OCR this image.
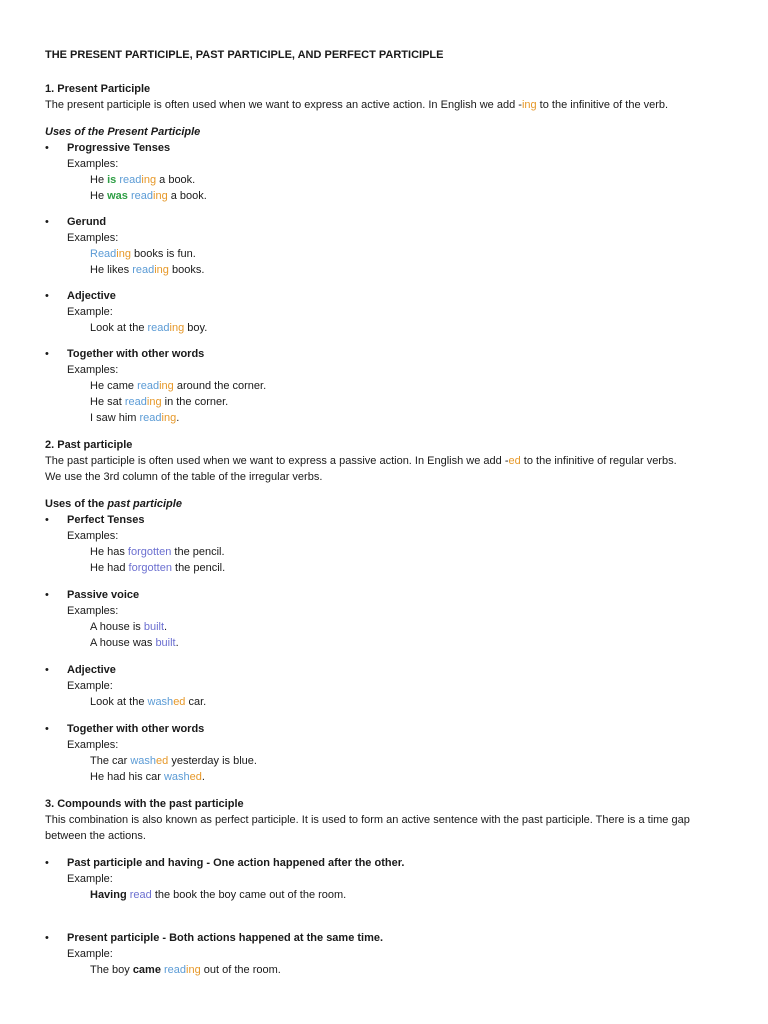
THE PRESENT PARTICIPLE, PAST PARTICIPLE, AND PERFECT PARTICIPLE
1. Present Participle
The present participle is often used when we want to express an active action. In English we add -ing to the infinitive of the verb.
Uses of the Present Participle
• Progressive Tenses
Examples:
He is reading a book.
He was reading a book.
• Gerund
Examples:
Reading books is fun.
He likes reading books.
• Adjective
Example:
Look at the reading boy.
• Together with other words
Examples:
He came reading around the corner.
He sat reading in the corner.
I saw him reading.
2. Past participle
The past participle is often used when we want to express a passive action. In English we add -ed to the infinitive of regular verbs.
We use the 3rd column of the table of the irregular verbs.
Uses of the past participle
• Perfect Tenses
Examples:
He has forgotten the pencil.
He had forgotten the pencil.
• Passive voice
Examples:
A house is built.
A house was built.
• Adjective
Example:
Look at the washed car.
• Together with other words
Examples:
The car washed yesterday is blue.
He had his car washed.
3. Compounds with the past participle
This combination is also known as perfect participle. It is used to form an active sentence with the past participle. There is a time gap
between the actions.
• Past participle and having - One action happened after the other.
Example:
Having read the book the boy came out of the room.
• Present participle - Both actions happened at the same time.
Example:
The boy came reading out of the room.
